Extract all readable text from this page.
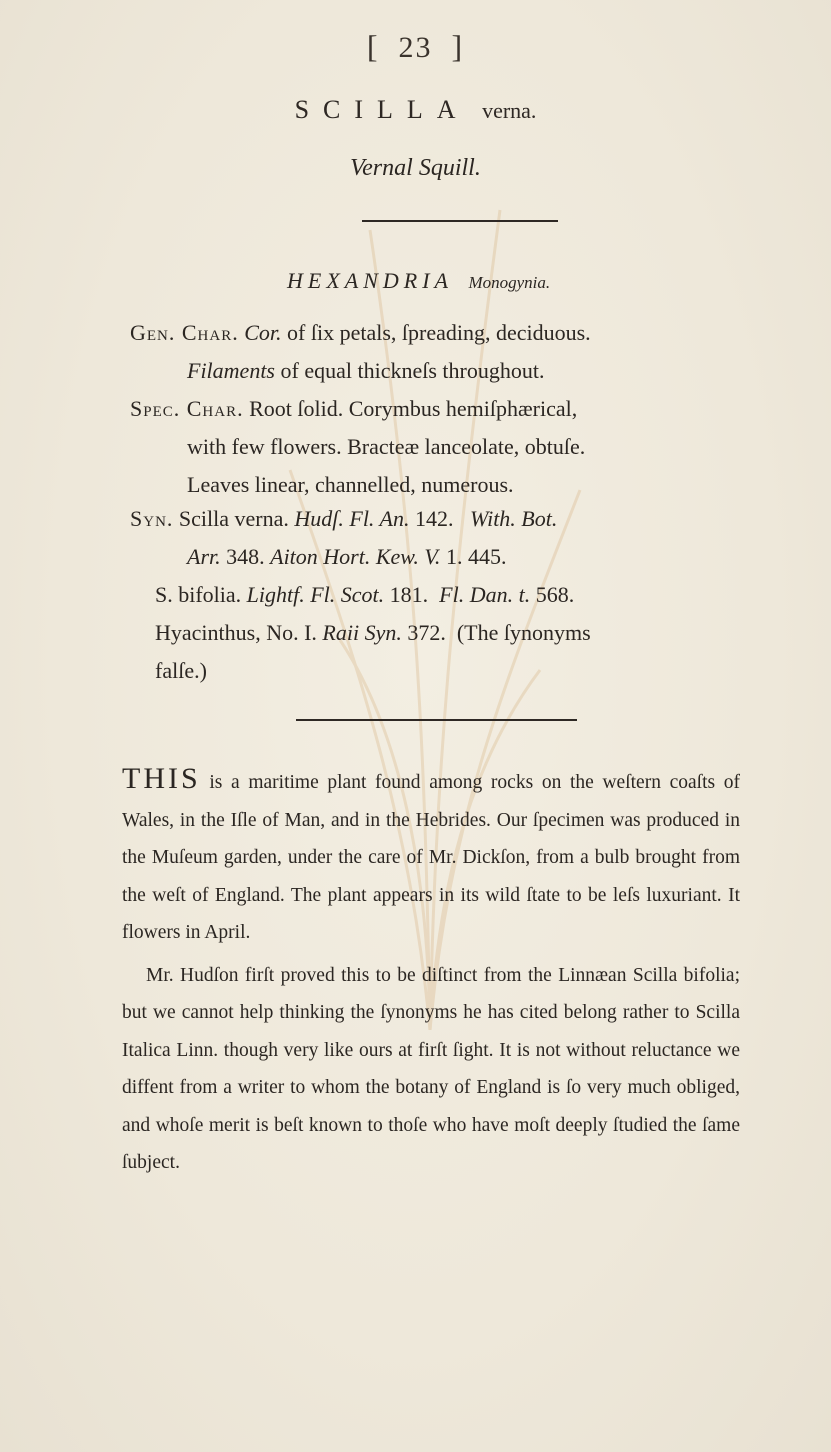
[ 23 ]
SCILLA verna.
Vernal Squill.
HEXANDRIA Monogynia.
Gen. Char. Cor. of ſix petals, ſpreading, deciduous.
Filaments of equal thickneſs throughout.
Spec. Char. Root ſolid. Corymbus hemiſphærical,
with few flowers. Bracteæ lanceolate, obtuſe.
Leaves linear, channelled, numerous.
Syn. Scilla verna. Hudſ. Fl. An. 142. With. Bot.
Arr. 348. Aiton Hort. Kew. V. 1. 445.
S. bifolia. Lightf. Fl. Scot. 181. Fl. Dan. t. 568.
Hyacinthus, No. I. Raii Syn. 372. (The ſynonyms
falſe.)

THIS is a maritime plant found among rocks on the weſtern coaſts of Wales, in the Iſle of Man, and in the Hebrides. Our ſpecimen was produced in the Muſeum garden, under the care of Mr. Dickſon, from a bulb brought from the weſt of England. The plant appears in its wild ſtate to be leſs luxuriant. It flowers in April.

Mr. Hudſon firſt proved this to be diſtinct from the Linnæan Scilla bifolia; but we cannot help thinking the ſynonyms he has cited belong rather to Scilla Italica Linn. though very like ours at firſt ſight. It is not without reluctance we diffent from a writer to whom the botany of England is ſo very much obliged, and whoſe merit is beſt known to thoſe who have moſt deeply ſtudied the ſame ſubject.
